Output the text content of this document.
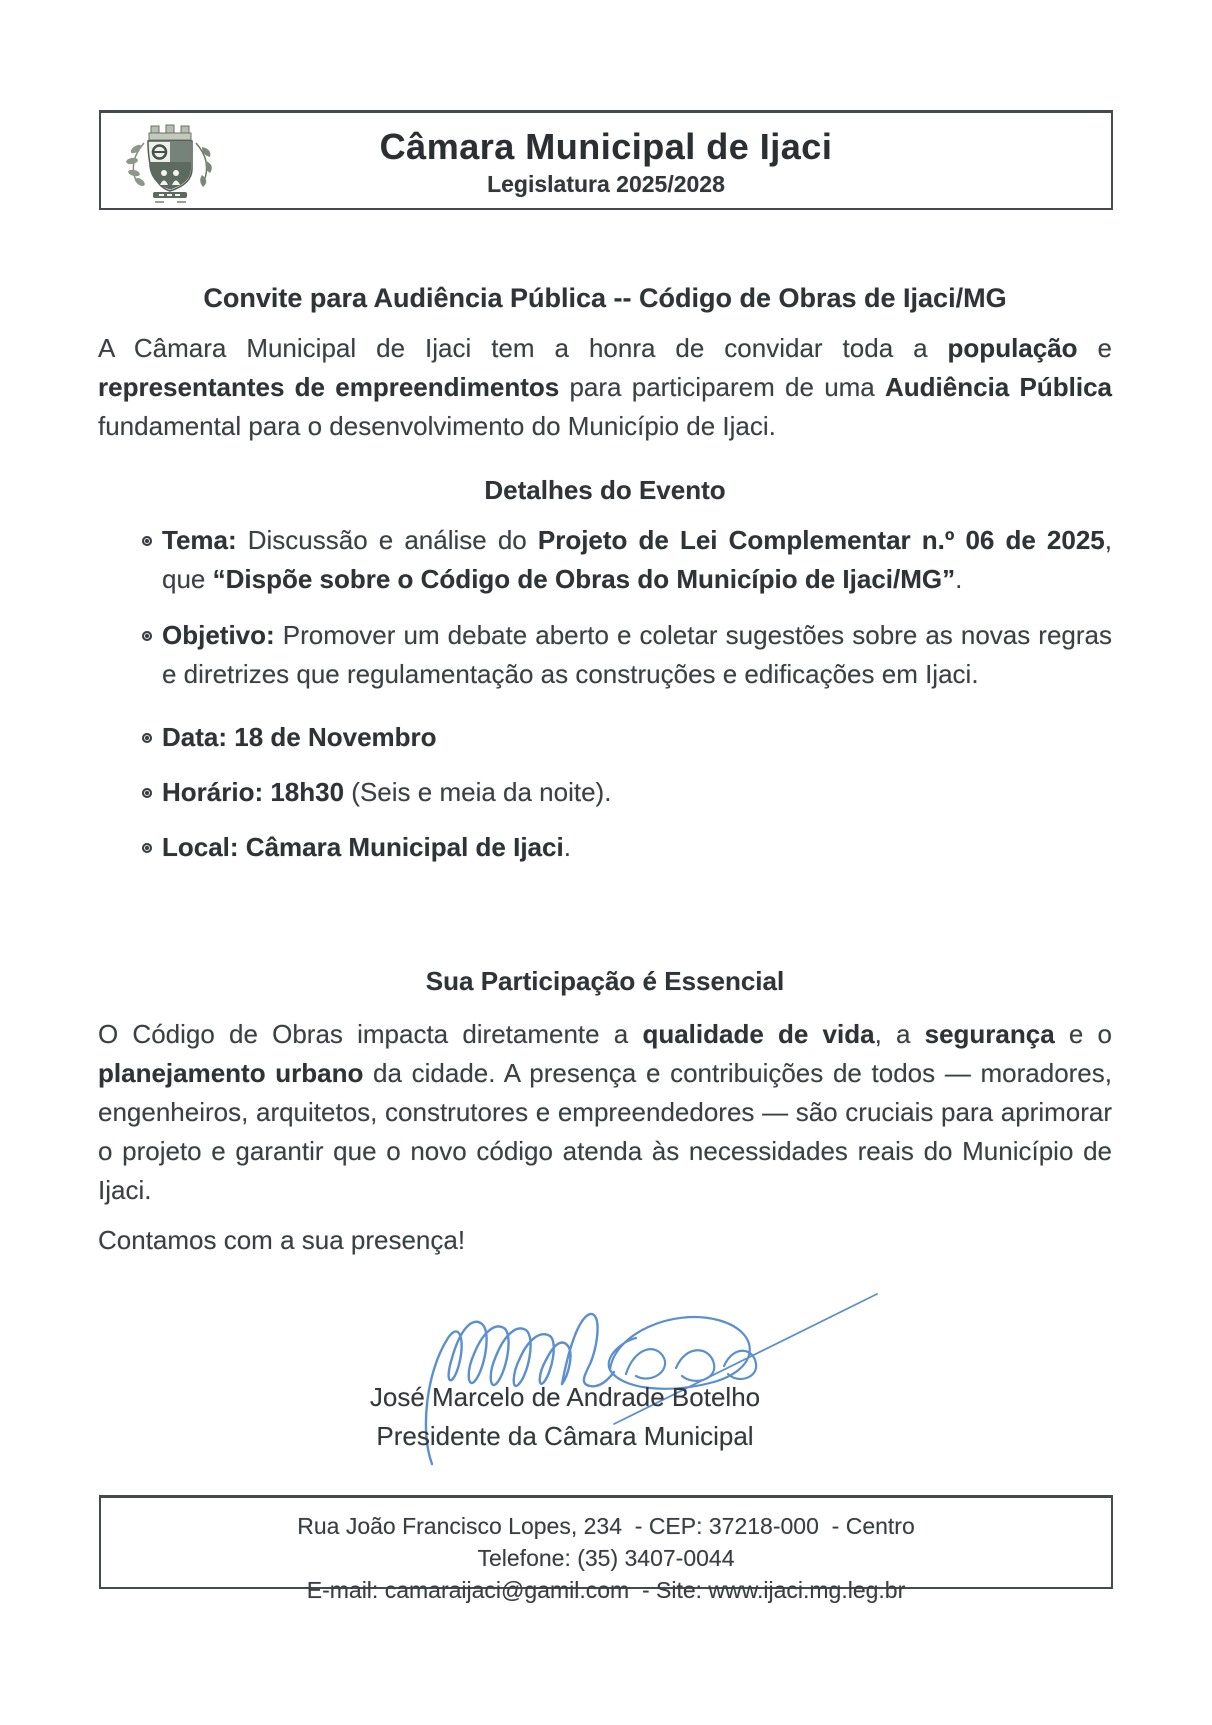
Câmara Municipal de Ijaci
Legislatura 2025/2028
Convite para Audiência Pública -- Código de Obras de Ijaci/MG

A Câmara Municipal de Ijaci tem a honra de convidar toda a população e representantes de empreendimentos para participarem de uma Audiência Pública fundamental para o desenvolvimento do Município de Ijaci.

Detalhes do Evento
Tema: Discussão e análise do Projeto de Lei Complementar n.º 06 de 2025, que “Dispõe sobre o Código de Obras do Município de Ijaci/MG”.
Objetivo: Promover um debate aberto e coletar sugestões sobre as novas regras e diretrizes que regulamentação as construções e edificações em Ijaci.
Data: 18 de Novembro
Horário: 18h30 (Seis e meia da noite).
Local: Câmara Municipal de Ijaci.
Sua Participação é Essencial

O Código de Obras impacta diretamente a qualidade de vida, a segurança e o planejamento urbano da cidade. A presença e contribuições de todos — moradores, engenheiros, arquitetos, construtores e empreendedores — são cruciais para aprimorar o projeto e garantir que o novo código atenda às necessidades reais do Município de Ijaci.

Contamos com a sua presença!

José Marcelo de Andrade Botelho
Presidente da Câmara Municipal
Rua João Francisco Lopes, 234  - CEP: 37218-000  - Centro
Telefone: (35) 3407-0044
E-mail: camaraijaci@gamil.com  - Site: www.ijaci.mg.leg.br
